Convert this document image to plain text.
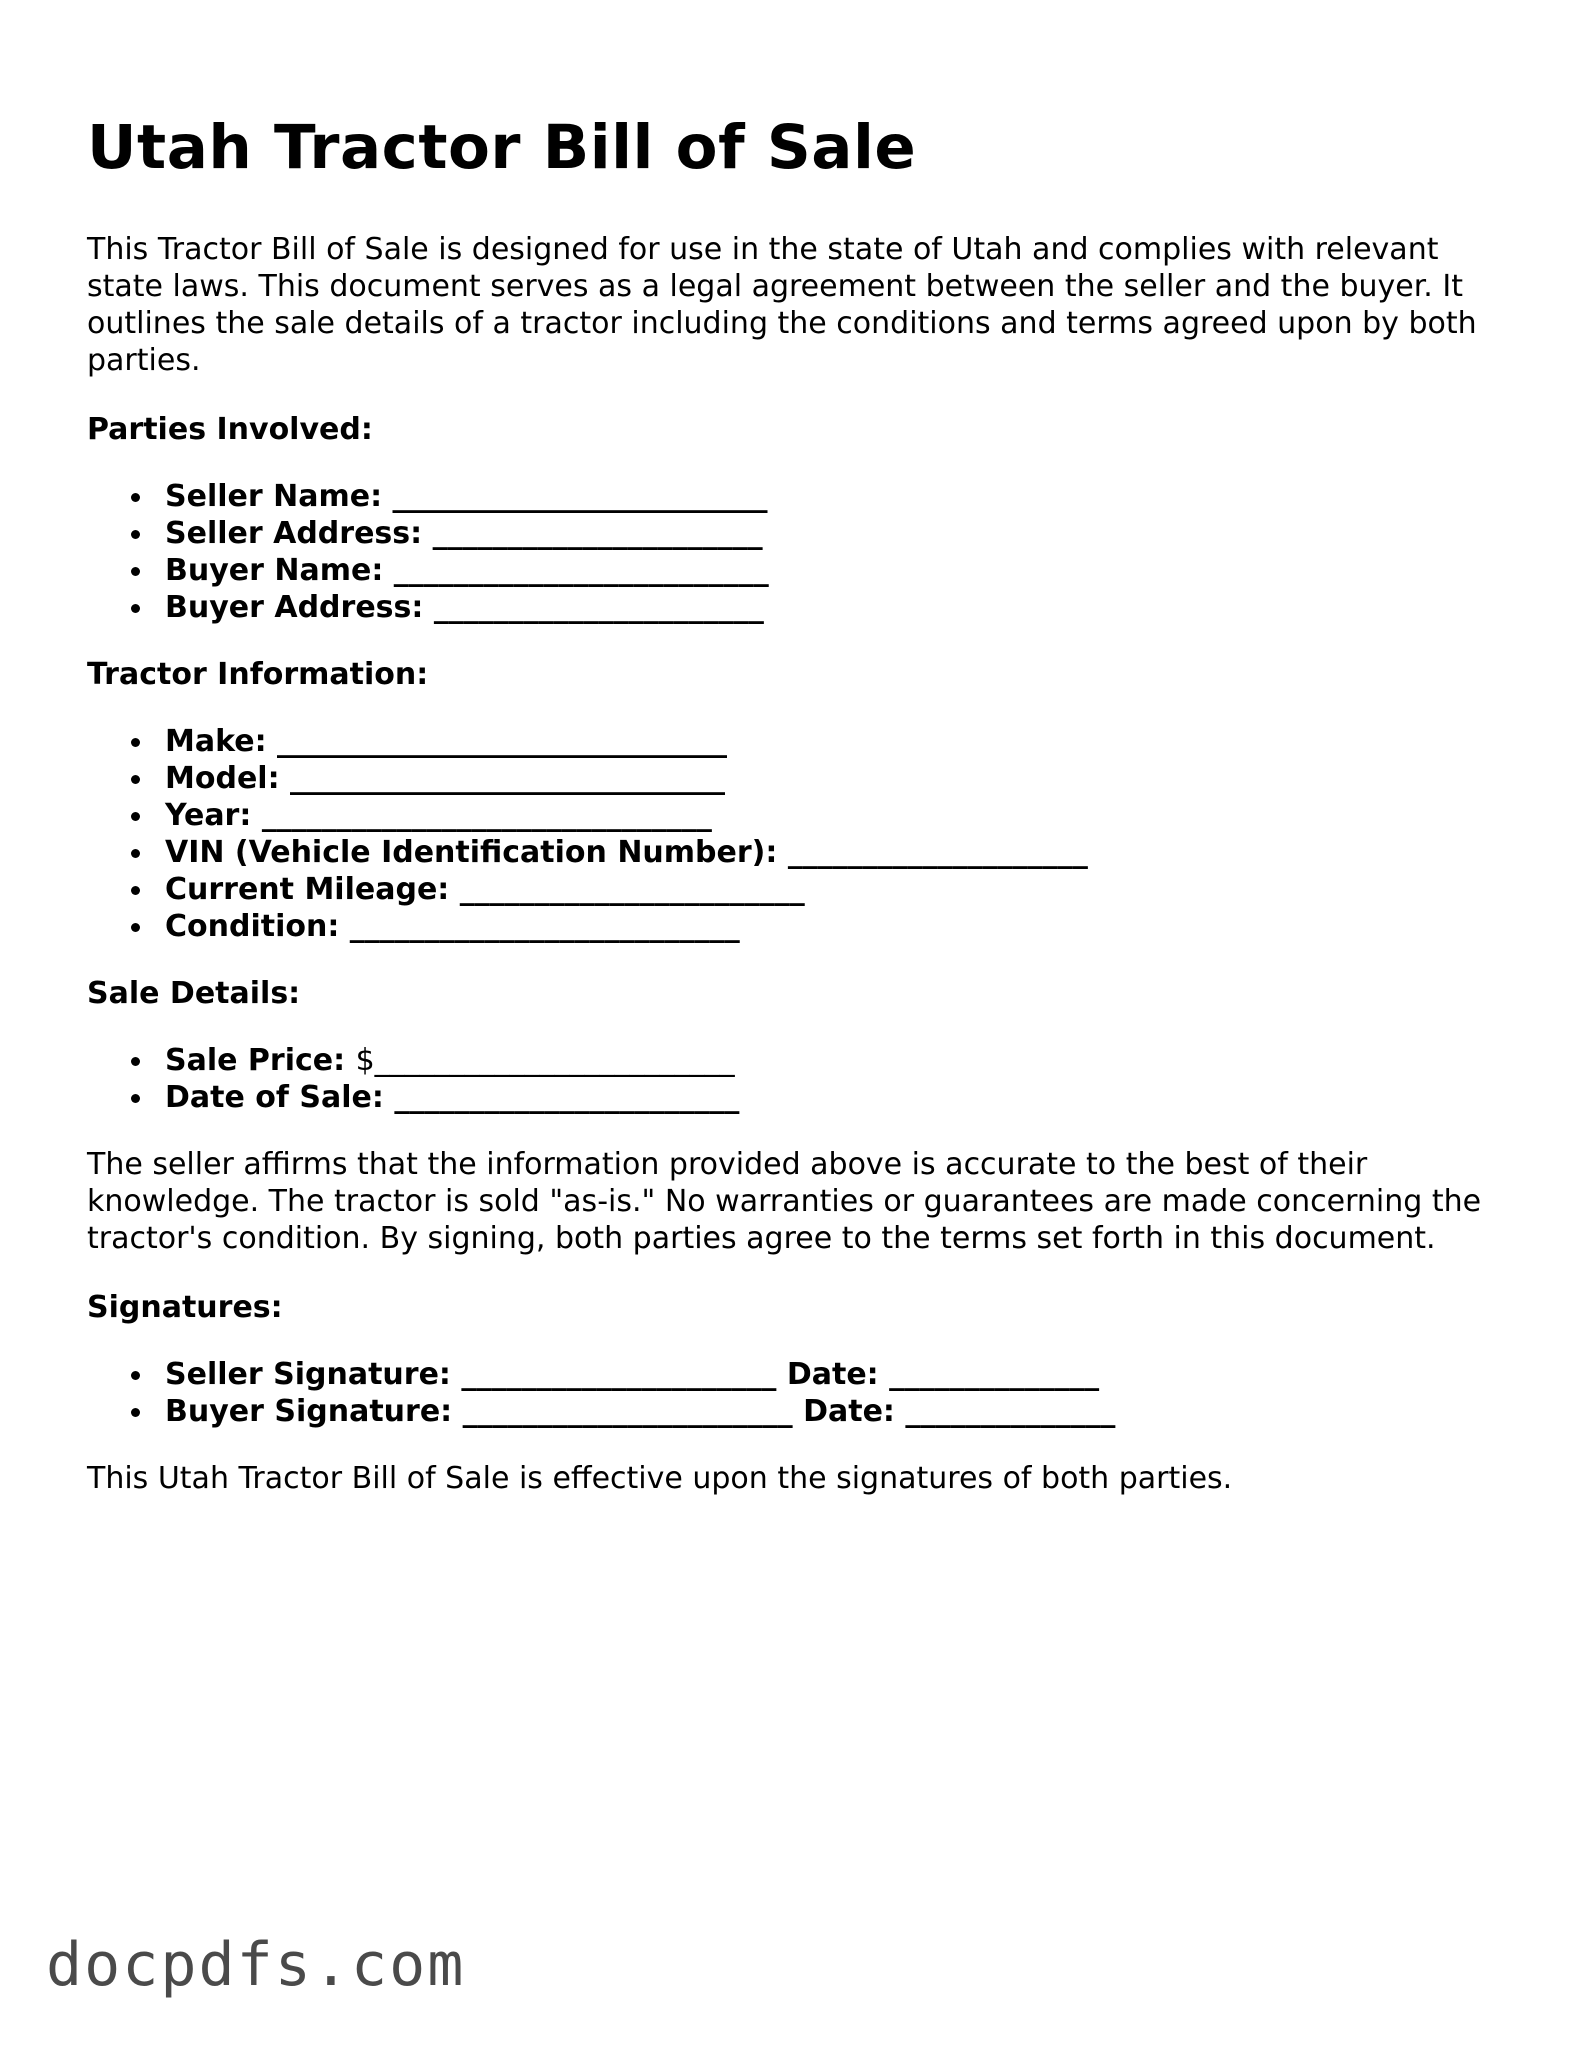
Utah Tractor Bill of Sale

This Tractor Bill of Sale is designed for use in the state of Utah and complies with relevant state laws. This document serves as a legal agreement between the seller and the buyer. It outlines the sale details of a tractor including the conditions and terms agreed upon by both parties.

Parties Involved:
Seller Name: _________________________
Seller Address: ______________________
Buyer Name: _________________________
Buyer Address: ______________________
Tractor Information:
Make: ______________________________
Model: _____________________________
Year: ______________________________
VIN (Vehicle Identification Number): ____________________
Current Mileage: _______________________
Condition: __________________________
Sale Details:
Sale Price: $________________________
Date of Sale: _______________________

The seller affirms that the information provided above is accurate to the best of their knowledge. The tractor is sold "as-is." No warranties or guarantees are made concerning the tractor's condition. By signing, both parties agree to the terms set forth in this document.

Signatures:
Seller Signature: _____________________ Date: ______________
Buyer Signature: ______________________ Date: ______________

This Utah Tractor Bill of Sale is effective upon the signatures of both parties.

docpdfs.com
